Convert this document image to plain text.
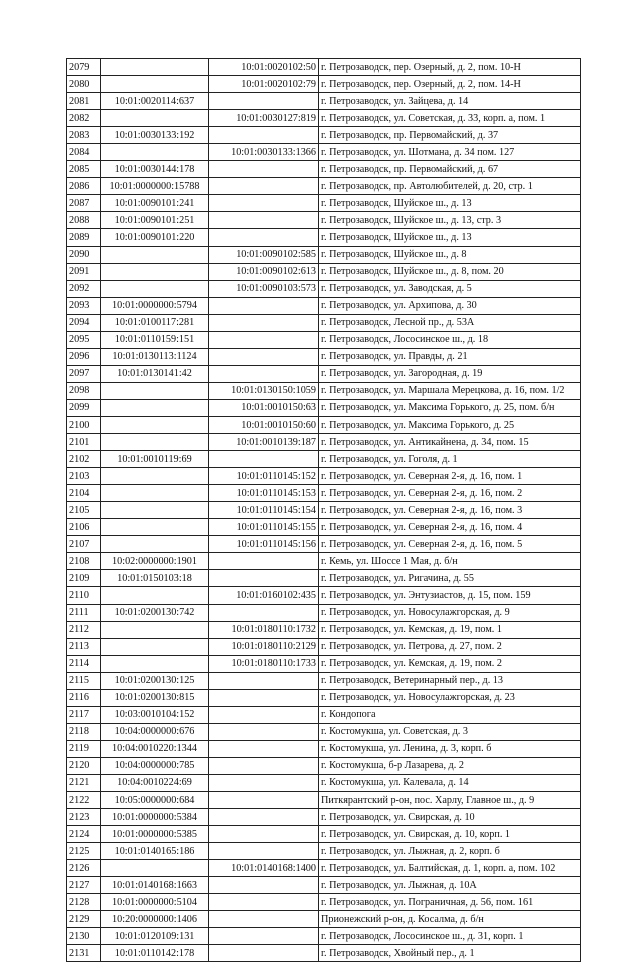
2079		10:01:0020102:50	г. Петрозаводск, пер. Озерный, д. 2, пом. 10-Н
2080		10:01:0020102:79	г. Петрозаводск, пер. Озерный, д. 2, пом. 14-Н
2081	10:01:0020114:637		г. Петрозаводск, ул. Зайцева, д. 14
2082		10:01:0030127:819	г. Петрозаводск, ул. Советская, д. 33, корп. а, пом. 1
2083	10:01:0030133:192		г. Петрозаводск, пр. Первомайский, д. 37
2084		10:01:0030133:1366	г. Петрозаводск, ул. Шотмана, д. 34 пом. 127
2085	10:01:0030144:178		г. Петрозаводск, пр. Первомайский, д. 67
2086	10:01:0000000:15788		г. Петрозаводск, пр. Автолюбителей, д. 20, стр. 1
2087	10:01:0090101:241		г. Петрозаводск, Шуйское ш., д. 13
2088	10:01:0090101:251		г. Петрозаводск, Шуйское ш., д. 13, стр. 3
2089	10:01:0090101:220		г. Петрозаводск, Шуйское ш., д. 13
2090		10:01:0090102:585	г. Петрозаводск, Шуйское ш., д. 8
2091		10:01:0090102:613	г. Петрозаводск, Шуйское ш., д. 8, пом. 20
2092		10:01:0090103:573	г. Петрозаводск, ул. Заводская, д. 5
2093	10:01:0000000:5794		г. Петрозаводск, ул. Архипова, д. 30
2094	10:01:0100117:281		г. Петрозаводск, Лесной пр., д. 53А
2095	10:01:0110159:151		г. Петрозаводск, Лососинское ш., д. 18
2096	10:01:0130113:1124		г. Петрозаводск, ул. Правды, д. 21
2097	10:01:0130141:42		г. Петрозаводск, ул. Загородная, д. 19
2098		10:01:0130150:1059	г. Петрозаводск, ул. Маршала Мерецкова, д. 16, пом. 1/2
2099		10:01:0010150:63	г. Петрозаводск, ул. Максима Горького, д. 25, пом. б/н
2100		10:01:0010150:60	г. Петрозаводск, ул. Максима Горького, д. 25
2101		10:01:0010139:187	г. Петрозаводск, ул. Антикайнена, д. 34, пом. 15
2102	10:01:0010119:69		г. Петрозаводск, ул. Гоголя, д. 1
2103		10:01:0110145:152	г. Петрозаводск, ул. Северная 2-я, д. 16, пом. 1
2104		10:01:0110145:153	г. Петрозаводск, ул. Северная 2-я, д. 16, пом. 2
2105		10:01:0110145:154	г. Петрозаводск, ул. Северная 2-я, д. 16, пом. 3
2106		10:01:0110145:155	г. Петрозаводск, ул. Северная 2-я, д. 16, пом. 4
2107		10:01:0110145:156	г. Петрозаводск, ул. Северная 2-я, д. 16, пом. 5
2108	10:02:0000000:1901		г. Кемь, ул. Шоссе 1 Мая, д. б/н
2109	10:01:0150103:18		г. Петрозаводск, ул. Ригачина, д. 55
2110		10:01:0160102:435	г. Петрозаводск, ул. Энтузиастов, д. 15, пом. 159
2111	10:01:0200130:742		г. Петрозаводск, ул. Новосулажгорская, д. 9
2112		10:01:0180110:1732	г. Петрозаводск, ул. Кемская, д. 19, пом. 1
2113		10:01:0180110:2129	г. Петрозаводск, ул. Петрова, д. 27, пом. 2
2114		10:01:0180110:1733	г. Петрозаводск, ул. Кемская, д. 19, пом. 2
2115	10:01:0200130:125		г. Петрозаводск, Ветеринарный пер., д. 13
2116	10:01:0200130:815		г. Петрозаводск, ул. Новосулажгорская, д. 23
2117	10:03:0010104:152		г. Кондопога
2118	10:04:0000000:676		г. Костомукша, ул. Советская, д. 3
2119	10:04:0010220:1344		г. Костомукша, ул. Ленина, д. 3, корп. б
2120	10:04:0000000:785		г. Костомукша, б-р Лазарева, д. 2
2121	10:04:0010224:69		г. Костомукша, ул. Калевала, д. 14
2122	10:05:0000000:684		Питкярантский р-он, пос. Харлу, Главное ш., д. 9
2123	10:01:0000000:5384		г. Петрозаводск, ул. Свирская, д. 10
2124	10:01:0000000:5385		г. Петрозаводск, ул. Свирская, д. 10, корп. 1
2125	10:01:0140165:186		г. Петрозаводск, ул. Лыжная, д. 2, корп. б
2126		10:01:0140168:1400	г. Петрозаводск, ул. Балтийская, д. 1, корп. а, пом. 102
2127	10:01:0140168:1663		г. Петрозаводск, ул. Лыжная, д. 10А
2128	10:01:0000000:5104		г. Петрозаводск, ул. Пограничная, д. 56, пом. 161
2129	10:20:0000000:1406		Прионежский р-он, д. Косалма, д. б/н
2130	10:01:0120109:131		г. Петрозаводск, Лососинское ш., д. 31, корп. 1
2131	10:01:0110142:178		г. Петрозаводск, Хвойный пер., д. 1
